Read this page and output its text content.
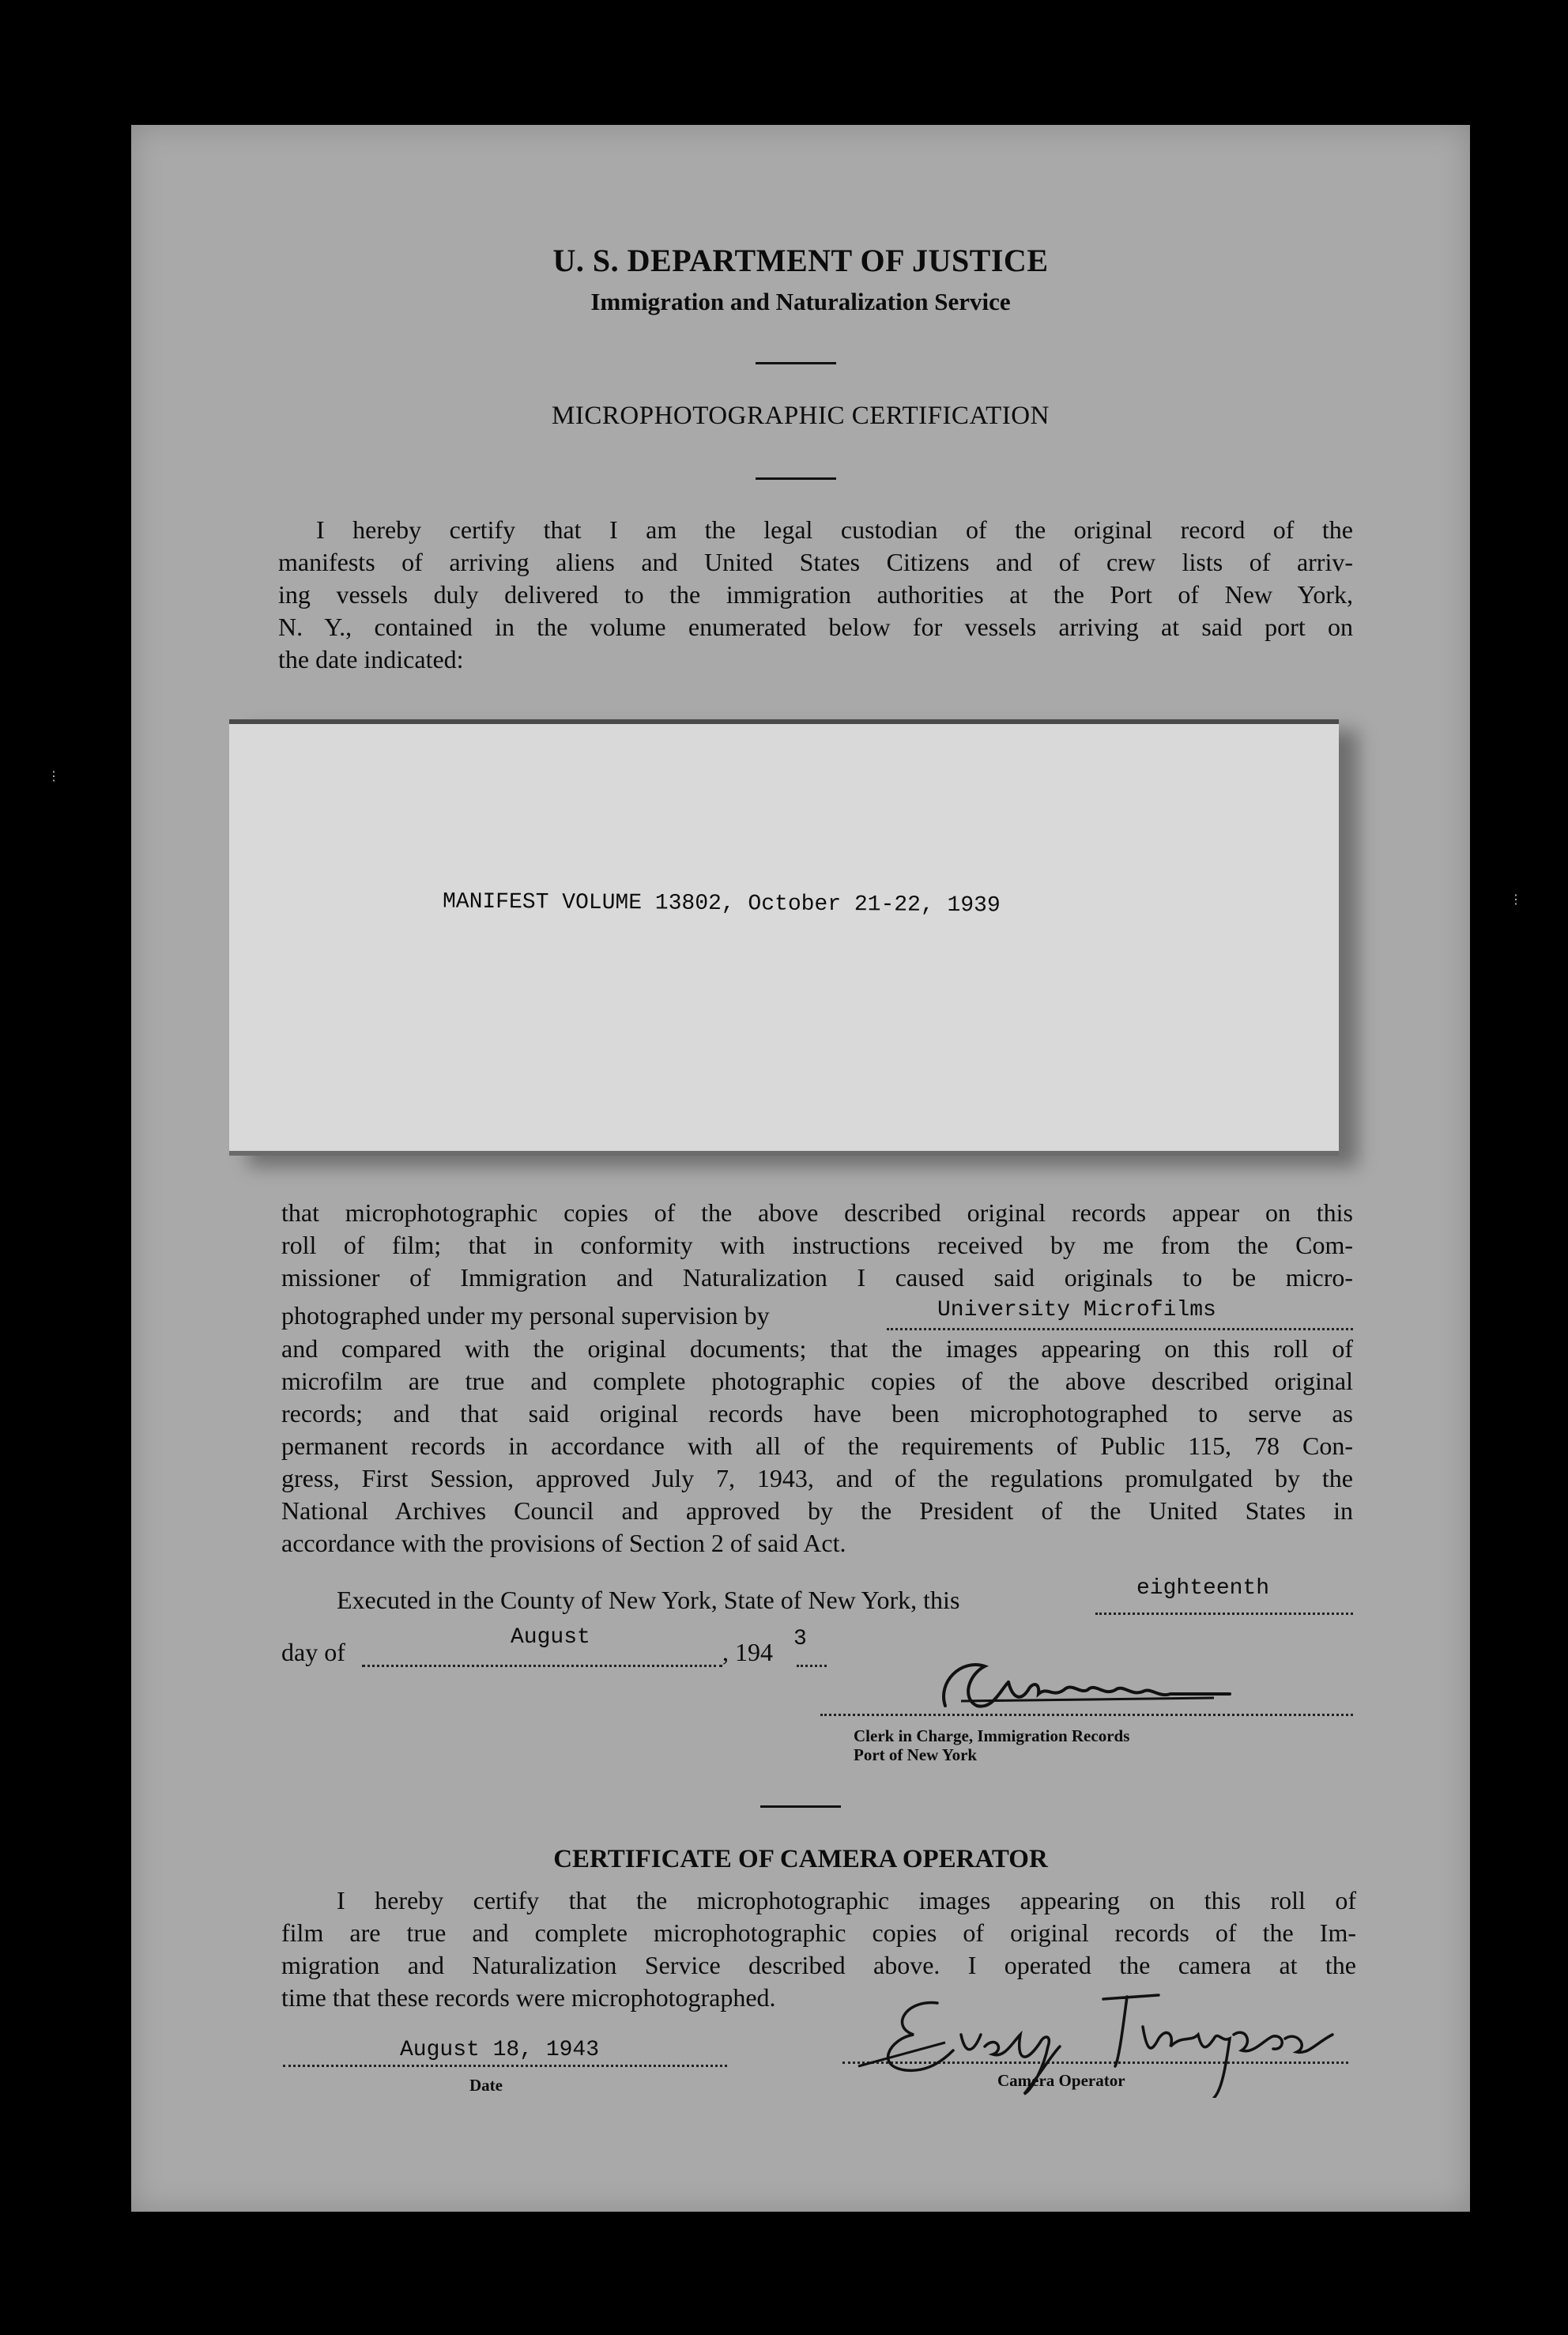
U. S. DEPARTMENT OF JUSTICE
Immigration and Naturalization Service
MICROPHOTOGRAPHIC CERTIFICATION
I hereby certify that I am the legal custodian of the original record of the
manifests of arriving aliens and United States Citizens and of crew lists of arriv-
ing vessels duly delivered to the immigration authorities at the Port of New York,
N. Y., contained in the volume enumerated below for vessels arriving at said port on
the date indicated:
MANIFEST VOLUME 13802, October 21-22, 1939
that microphotographic copies of the above described original records appear on this
roll of film; that in conformity with instructions received by me from the Com-
missioner of Immigration and Naturalization I caused said originals to be micro-
photographed under my personal supervision by	University Microfilms
and compared with the original documents; that the images appearing on this roll of
microfilm are true and complete photographic copies of the above described original
records; and that said original records have been microphotographed to serve as
permanent records in accordance with all of the requirements of Public 115, 78 Con-
gress, First Session, approved July 7, 1943, and of the regulations promulgated by the
National Archives Council and approved by the President of the United States in
accordance with the provisions of Section 2 of said Act.
Executed in the County of New York, State of New York, this	eighteenth
day of
August
, 194 3
Clerk in Charge, Immigration Records
Port of New York
CERTIFICATE OF CAMERA OPERATOR
I hereby certify that the microphotographic images appearing on this roll of
film are true and complete microphotographic copies of original records of the Im-
migration and Naturalization Service described above. I operated the camera at the
time that these records were microphotographed.
August 18, 1943
Date	Camera Operator
⋮
⋮
